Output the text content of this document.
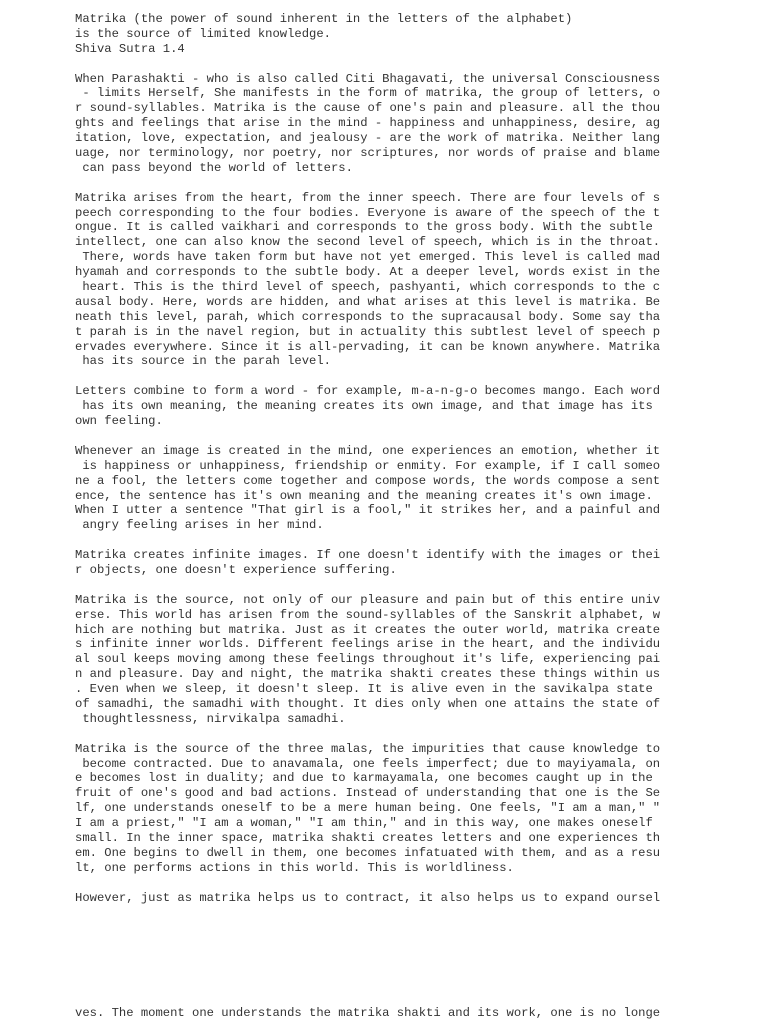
Matrika (the power of sound inherent in the letters of the alphabet)
is the source of limited knowledge.
Shiva Sutra 1.4
When Parashakti - who is also called Citi Bhagavati, the universal Consciousness
- limits Herself, She manifests in the form of matrika, the group of letters, o
r sound-syllables. Matrika is the cause of one's pain and pleasure. all the thou
ghts and feelings that arise in the mind - happiness and unhappiness, desire, ag
itation, love, expectation, and jealousy - are the work of matrika. Neither lang
uage, nor terminology, nor poetry, nor scriptures, nor words of praise and blame
can pass beyond the world of letters.
Matrika arises from the heart, from the inner speech. There are four levels of s
peech corresponding to the four bodies. Everyone is aware of the speech of the t
ongue. It is called vaikhari and corresponds to the gross body. With the subtle
intellect, one can also know the second level of speech, which is in the throat.
There, words have taken form but have not yet emerged. This level is called mad
hyamah and corresponds to the subtle body. At a deeper level, words exist in the
heart. This is the third level of speech, pashyanti, which corresponds to the c
ausal body. Here, words are hidden, and what arises at this level is matrika. Be
neath this level, parah, which corresponds to the supracausal body. Some say tha
t parah is in the navel region, but in actuality this subtlest level of speech p
ervades everywhere. Since it is all-pervading, it can be known anywhere. Matrika
has its source in the parah level.
Letters combine to form a word - for example, m-a-n-g-o becomes mango. Each word
has its own meaning, the meaning creates its own image, and that image has its
own feeling.
Whenever an image is created in the mind, one experiences an emotion, whether it
is happiness or unhappiness, friendship or enmity. For example, if I call someo
ne a fool, the letters come together and compose words, the words compose a sent
ence, the sentence has it's own meaning and the meaning creates it's own image.
When I utter a sentence "That girl is a fool," it strikes her, and a painful and
angry feeling arises in her mind.
Matrika creates infinite images. If one doesn't identify with the images or thei
r objects, one doesn't experience suffering.
Matrika is the source, not only of our pleasure and pain but of this entire univ
erse. This world has arisen from the sound-syllables of the Sanskrit alphabet, w
hich are nothing but matrika. Just as it creates the outer world, matrika create
s infinite inner worlds. Different feelings arise in the heart, and the individu
al soul keeps moving among these feelings throughout it's life, experiencing pai
n and pleasure. Day and night, the matrika shakti creates these things within us
. Even when we sleep, it doesn't sleep. It is alive even in the savikalpa state
of samadhi, the samadhi with thought. It dies only when one attains the state of
thoughtlessness, nirvikalpa samadhi.
Matrika is the source of the three malas, the impurities that cause knowledge to
become contracted. Due to anavamala, one feels imperfect; due to mayiyamala, on
e becomes lost in duality; and due to karmayamala, one becomes caught up in the
fruit of one's good and bad actions. Instead of understanding that one is the Se
lf, one understands oneself to be a mere human being. One feels, "I am a man," "
I am a priest," "I am a woman," "I am thin," and in this way, one makes oneself
small. In the inner space, matrika shakti creates letters and one experiences th
em. One begins to dwell in them, one becomes infatuated with them, and as a resu
lt, one performs actions in this world. This is worldliness.
However, just as matrika helps us to contract, it also helps us to expand oursel
ves. The moment one understands the matrika shakti and its work, one is no longe
